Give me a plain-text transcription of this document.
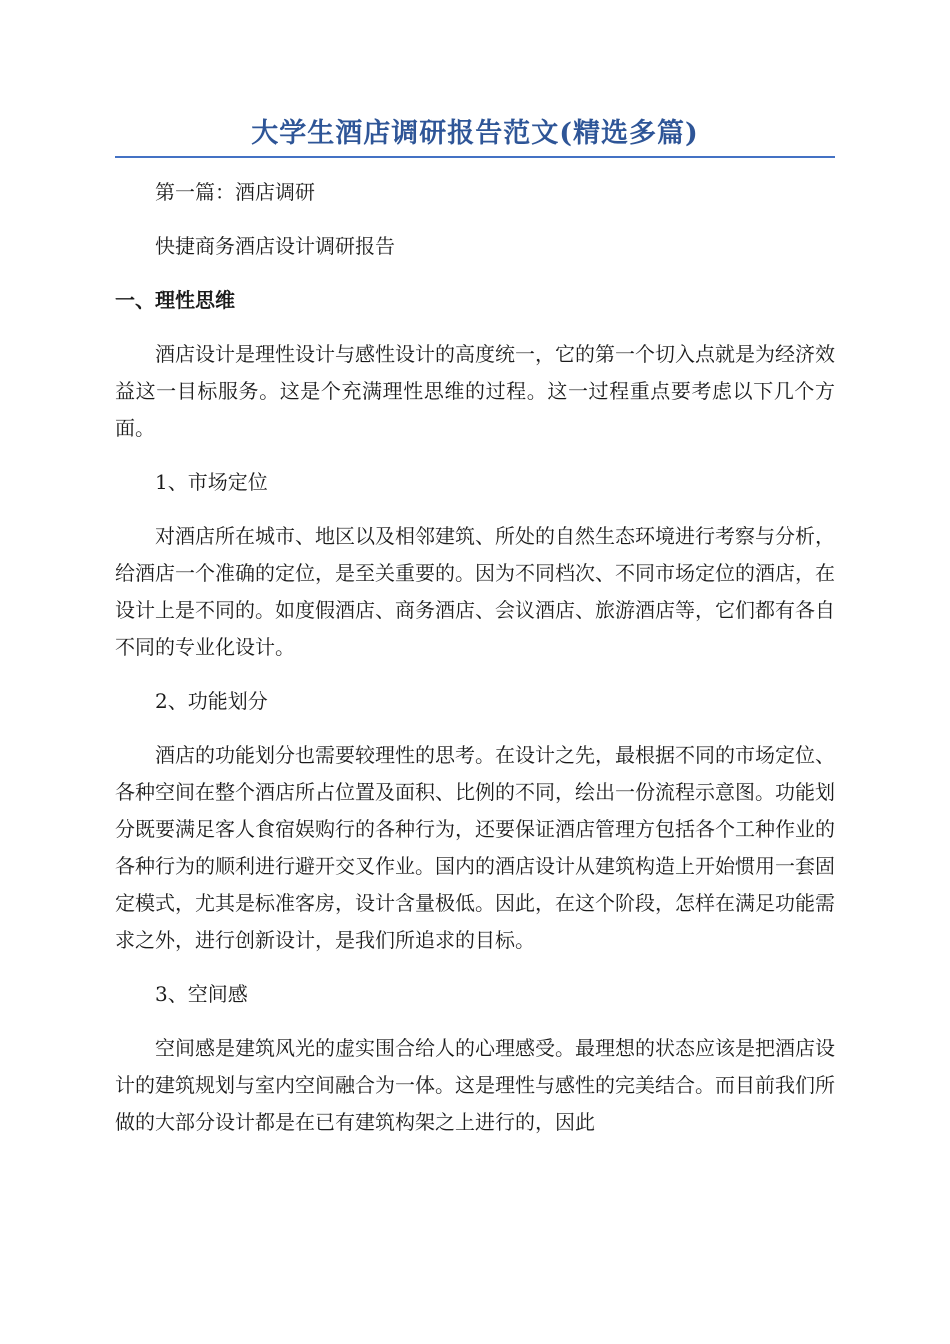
大学生酒店调研报告范文(精选多篇)

第一篇：酒店调研

快捷商务酒店设计调研报告

一、理性思维

酒店设计是理性设计与感性设计的高度统一，它的第一个切入点就是为经济效益这一目标服务。这是个充满理性思维的过程。这一过程重点要考虑以下几个方面。

1、市场定位

对酒店所在城市、地区以及相邻建筑、所处的自然生态环境进行考察与分析，给酒店一个准确的定位，是至关重要的。因为不同档次、不同市场定位的酒店，在设计上是不同的。如度假酒店、商务酒店、会议酒店、旅游酒店等，它们都有各自不同的专业化设计。

2、功能划分

酒店的功能划分也需要较理性的思考。在设计之先，最根据不同的市场定位、各种空间在整个酒店所占位置及面积、比例的不同，绘出一份流程示意图。功能划分既要满足客人食宿娱购行的各种行为，还要保证酒店管理方包括各个工种作业的各种行为的顺利进行避开交叉作业。国内的酒店设计从建筑构造上开始惯用一套固定模式，尤其是标准客房，设计含量极低。因此，在这个阶段，怎样在满足功能需求之外，进行创新设计，是我们所追求的目标。

3、空间感

空间感是建筑风光的虚实围合给人的心理感受。最理想的状态应该是把酒店设计的建筑规划与室内空间融合为一体。这是理性与感性的完美结合。而目前我们所做的大部分设计都是在已有建筑构架之上进行的，因此
